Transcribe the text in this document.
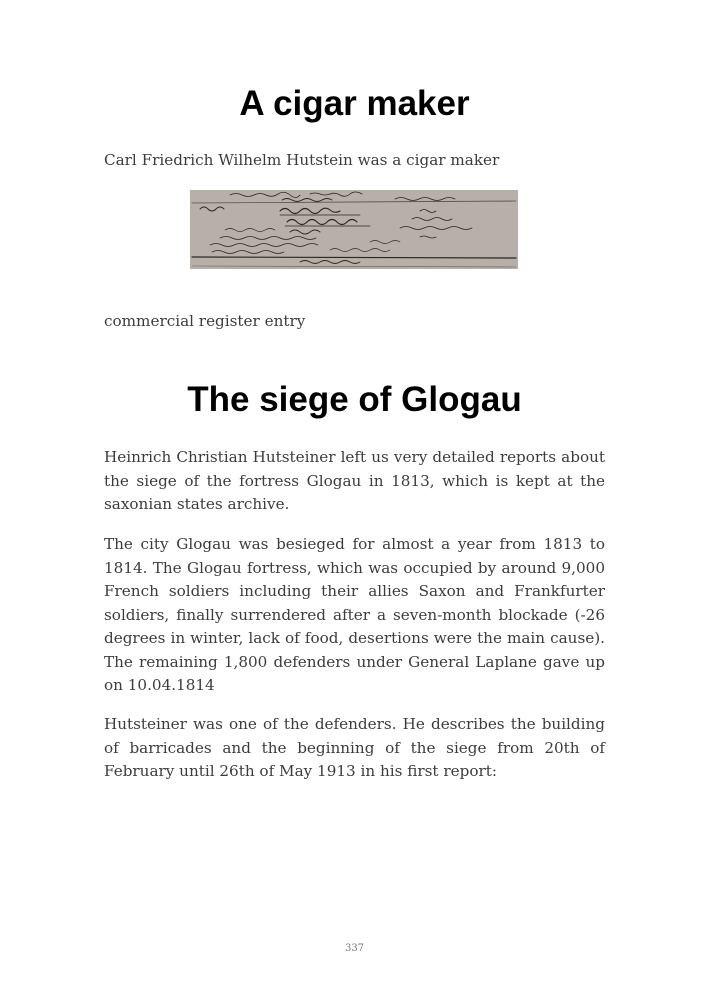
A cigar maker

Carl Friedrich Wilhelm Hutstein was a cigar maker

commercial register entry

The siege of Glogau

Heinrich Christian Hutsteiner left us very detailed reports about the siege of the fortress Glogau in 1813, which is kept at the saxonian states archive.

The city Glogau was besieged for almost a year from 1813 to 1814. The Glogau fortress, which was occupied by around 9,000 French soldiers including their allies Saxon and Frankfurter soldiers, finally surrendered after a seven-month blockade (-26 degrees in winter, lack of food, desertions were the main cause). The remaining 1,800 defenders under General Laplane gave up on 10.04.1814

Hutsteiner was one of the defenders. He describes the building of barricades and the beginning of the siege from 20th of February until 26th of May 1913 in his first report:

337
